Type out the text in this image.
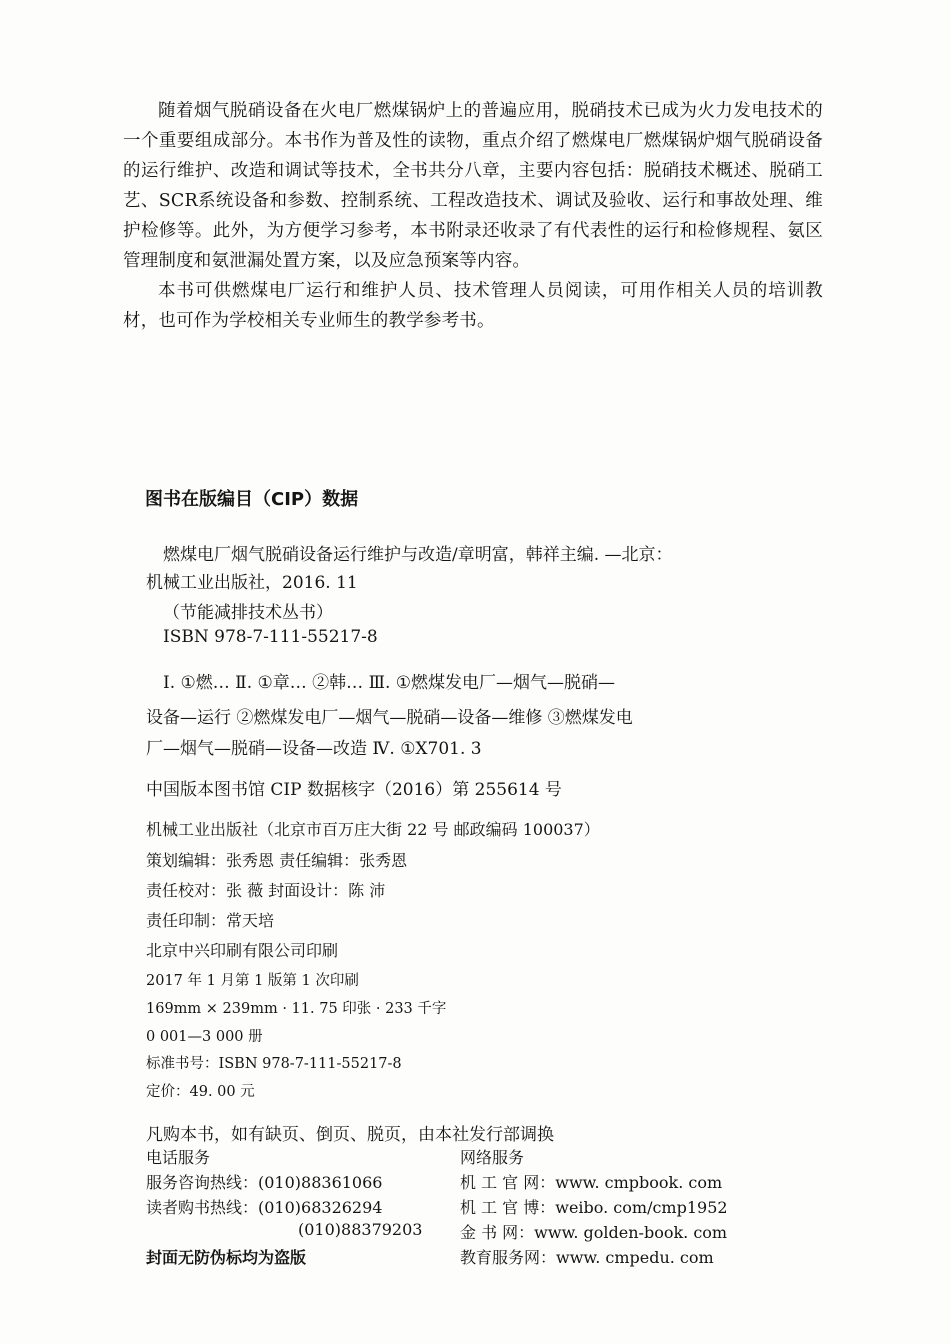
随着烟气脱硝设备在火电厂燃煤锅炉上的普遍应用，脱硝技术已成为火力发电技术的一个重要组成部分。本书作为普及性的读物，重点介绍了燃煤电厂燃煤锅炉烟气脱硝设备的运行维护、改造和调试等技术，全书共分八章，主要内容包括：脱硝技术概述、脱硝工艺、SCR系统设备和参数、控制系统、工程改造技术、调试及验收、运行和事故处理、维护检修等。此外，为方便学习参考，本书附录还收录了有代表性的运行和检修规程、氨区管理制度和氨泄漏处置方案，以及应急预案等内容。

本书可供燃煤电厂运行和维护人员、技术管理人员阅读，可用作相关人员的培训教材，也可作为学校相关专业师生的教学参考书。

图书在版编目（CIP）数据
燃煤电厂烟气脱硝设备运行维护与改造/章明富，韩祥主编. —北京：
机械工业出版社，2016. 11
（节能减排技术丛书）
ISBN 978-7-111-55217-8
Ⅰ. ①燃… Ⅱ. ①章… ②韩… Ⅲ. ①燃煤发电厂—烟气—脱硝—
设备—运行 ②燃煤发电厂—烟气—脱硝—设备—维修 ③燃煤发电
厂—烟气—脱硝—设备—改造 Ⅳ. ①X701. 3
中国版本图书馆 CIP 数据核字（2016）第 255614 号
机械工业出版社（北京市百万庄大街 22 号 邮政编码 100037）
策划编辑：张秀恩 责任编辑：张秀恩
责任校对：张 薇 封面设计：陈 沛
责任印制：常天培
北京中兴印刷有限公司印刷
2017 年 1 月第 1 版第 1 次印刷
169mm × 239mm · 11. 75 印张 · 233 千字
0 001—3 000 册
标准书号：ISBN 978-7-111-55217-8
定价：49. 00 元
凡购本书，如有缺页、倒页、脱页，由本社发行部调换
电话服务	网络服务
服务咨询热线：(010)88361066
读者购书热线：(010)68326294
(010)88379203
封面无防伪标均为盗版
机 工 官 网：www. cmpbook. com
机 工 官 博：weibo. com/cmp1952
金 书 网：www. golden-book. com
教育服务网：www. cmpedu. com
